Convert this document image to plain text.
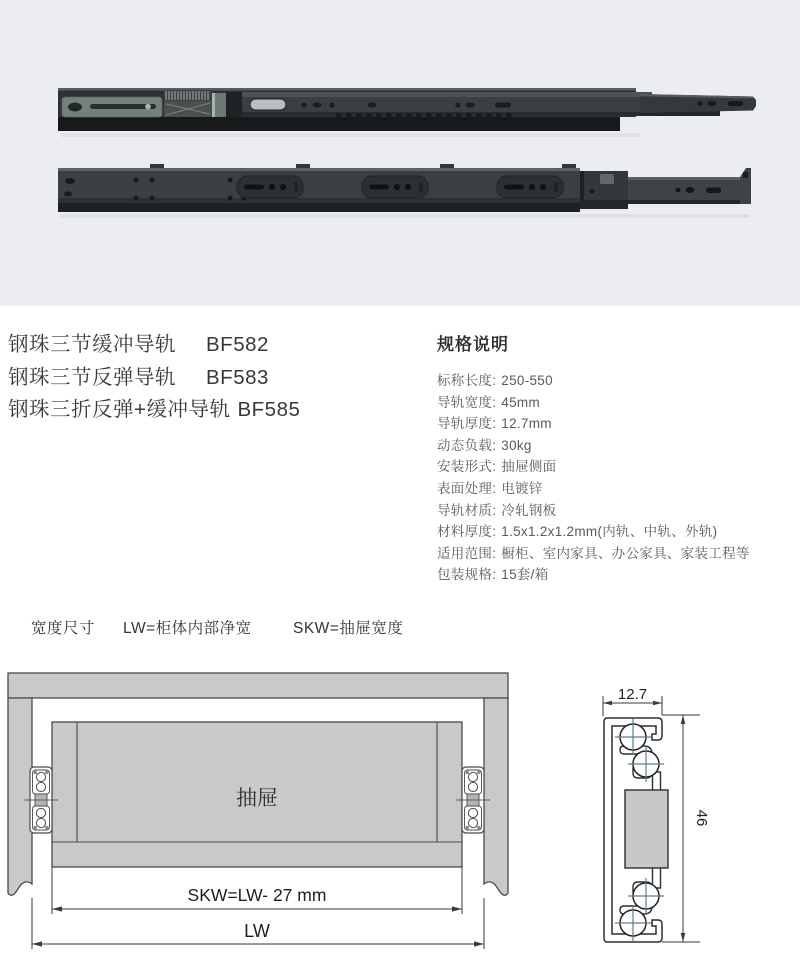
钢珠三节缓冲导轨 BF582
钢珠三节反弹导轨 BF583
钢珠三折反弹+缓冲导轨 BF585
规格说明
标称长度: 250-550
导轨宽度: 45mm
导轨厚度: 12.7mm
动态负载: 30kg
安装形式: 抽屉侧面
表面处理: 电镀锌
导轨材质: 冷轧钢板
材料厚度: 1.5x1.2x1.2mm(内轨、中轨、外轨)
适用范围: 橱柜、室内家具、办公家具、家装工程等
包装规格: 15套/箱
宽度尺寸 LW=柜体内部净宽	SKW=抽屉宽度
抽屉
SKW=LW- 27 mm
LW
12.7
46
